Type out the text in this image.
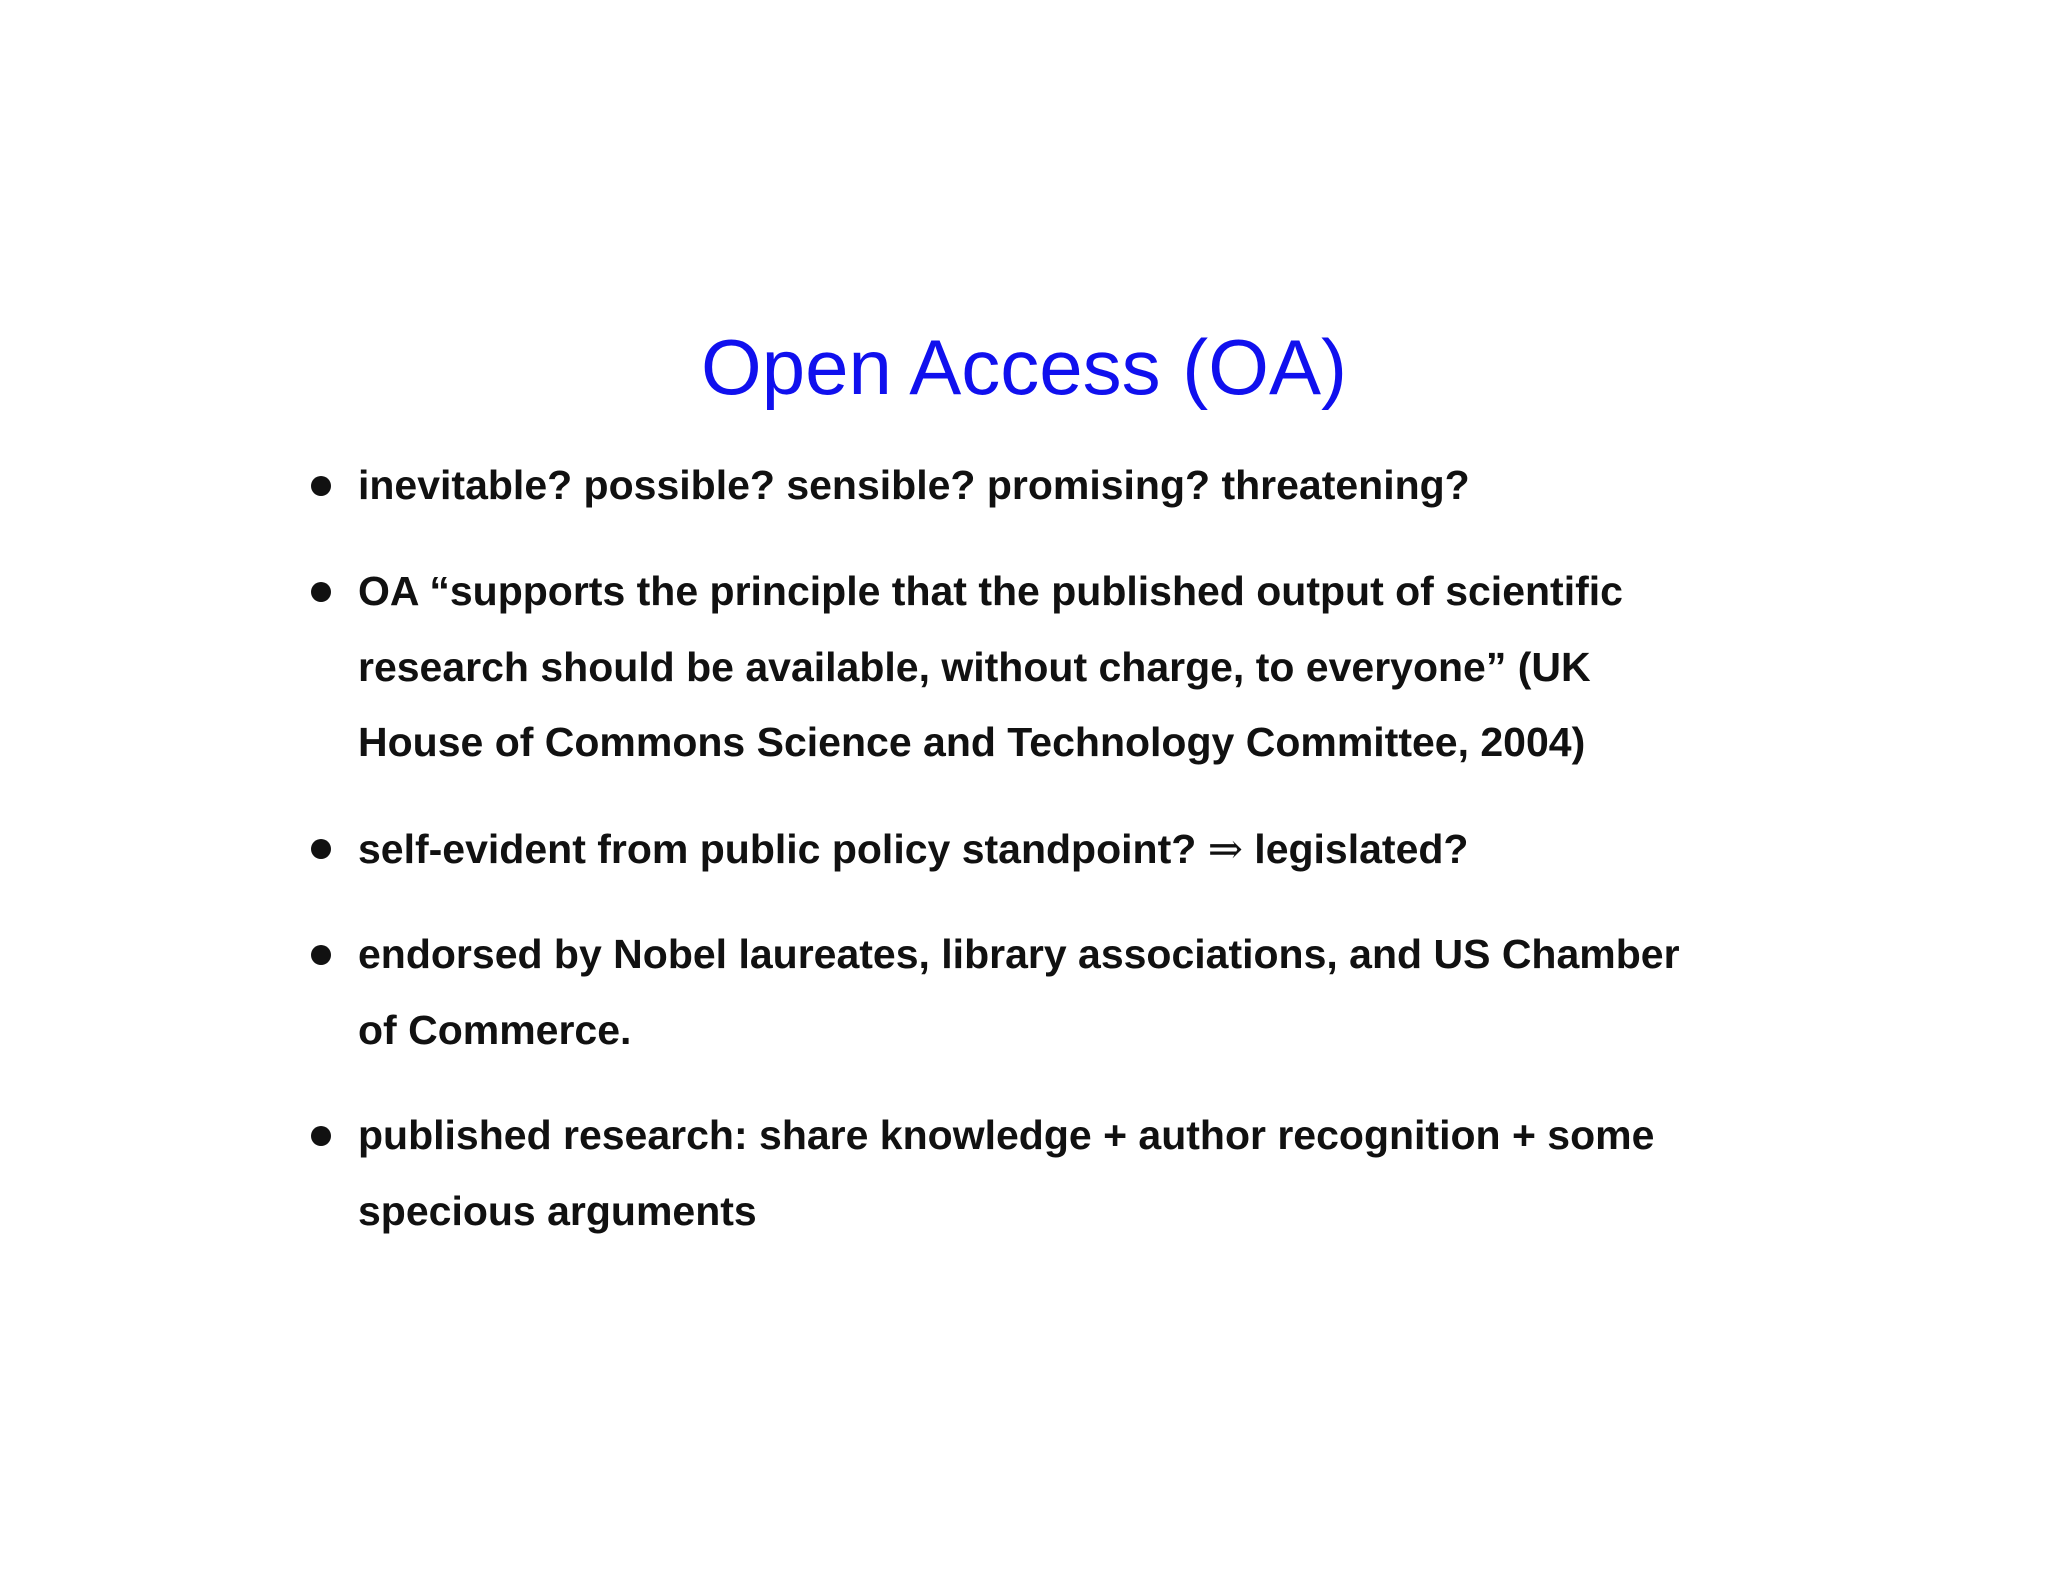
Open Access (OA)
inevitable? possible? sensible? promising? threatening?
OA “supports the principle that the published output of scientific
research should be available, without charge, to everyone” (UK
House of Commons Science and Technology Committee, 2004)
self-evident from public policy standpoint? ⇒ legislated?
endorsed by Nobel laureates, library associations, and US Chamber
of Commerce.
published research: share knowledge + author recognition + some
specious arguments
